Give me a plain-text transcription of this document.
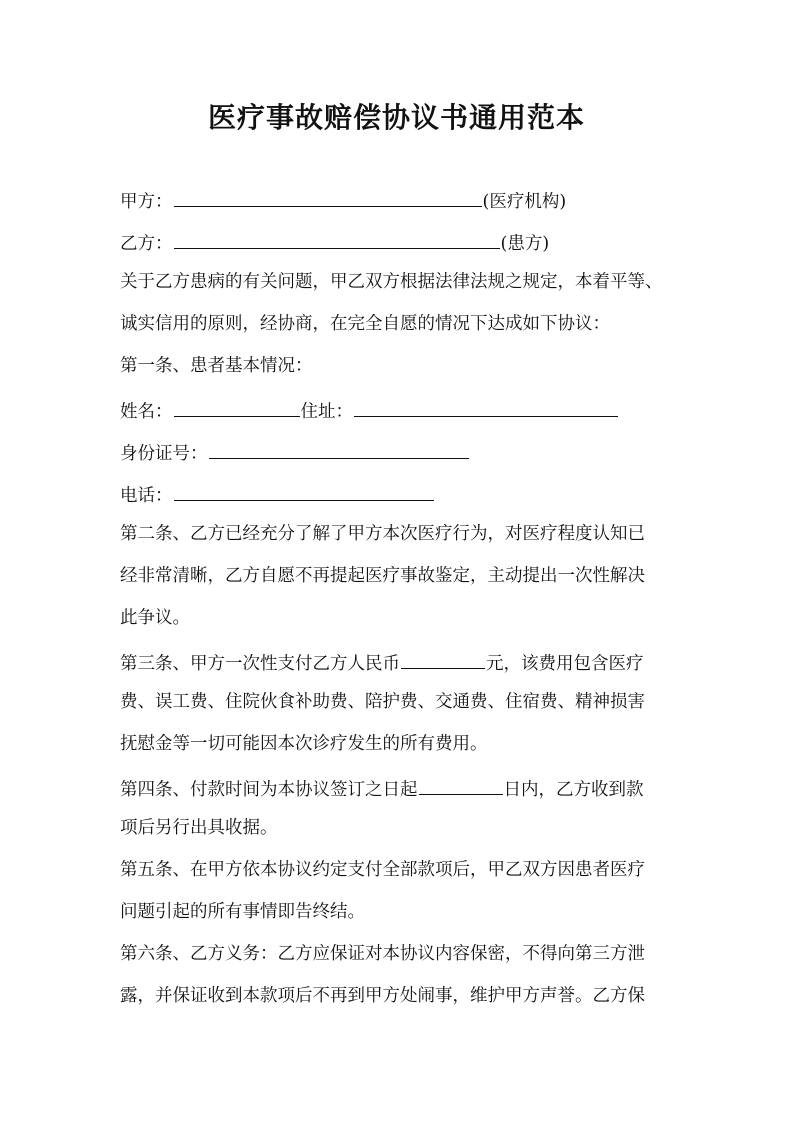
医疗事故赔偿协议书通用范本
甲方：	(医疗机构)
乙方：	(患方)
关于乙方患病的有关问题，甲乙双方根据法律法规之规定，本着平等、
诚实信用的原则，经协商，在完全自愿的情况下达成如下协议：
第一条、患者基本情况：
姓名：	住址：
身份证号：
电话：
第二条、乙方已经充分了解了甲方本次医疗行为，对医疗程度认知已
经非常清晰，乙方自愿不再提起医疗事故鉴定，主动提出一次性解决
此争议。
第三条、甲方一次性支付乙方人民币	元，该费用包含医疗
费、误工费、住院伙食补助费、陪护费、交通费、住宿费、精神损害
抚慰金等一切可能因本次诊疗发生的所有费用。
第四条、付款时间为本协议签订之日起	日内，乙方收到款
项后另行出具收据。
第五条、在甲方依本协议约定支付全部款项后，甲乙双方因患者医疗
问题引起的所有事情即告终结。
第六条、乙方义务：乙方应保证对本协议内容保密，不得向第三方泄
露，并保证收到本款项后不再到甲方处闹事，维护甲方声誉。乙方保
